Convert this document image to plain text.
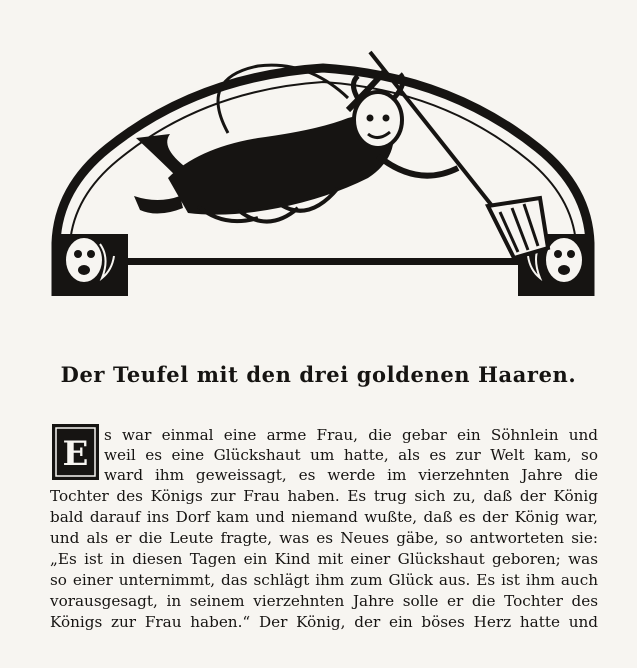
Der Teufel mit den drei goldenen Haaren.
E s war einmal eine arme Frau, die gebar ein Söhnlein und

weil es eine Glückshaut um hatte, als es zur Welt kam, so

ward ihm geweissagt, es werde im vierzehnten Jahre die

Tochter des Königs zur Frau haben. Es trug sich zu, daß der König

bald darauf ins Dorf kam und niemand wußte, daß es der König war,

und als er die Leute fragte, was es Neues gäbe, so antworteten sie:

„Es ist in diesen Tagen ein Kind mit einer Glückshaut geboren; was

so einer unternimmt, das schlägt ihm zum Glück aus. Es ist ihm auch

vorausgesagt, in seinem vierzehnten Jahre solle er die Tochter des

Königs zur Frau haben.“ Der König, der ein böses Herz hatte und
